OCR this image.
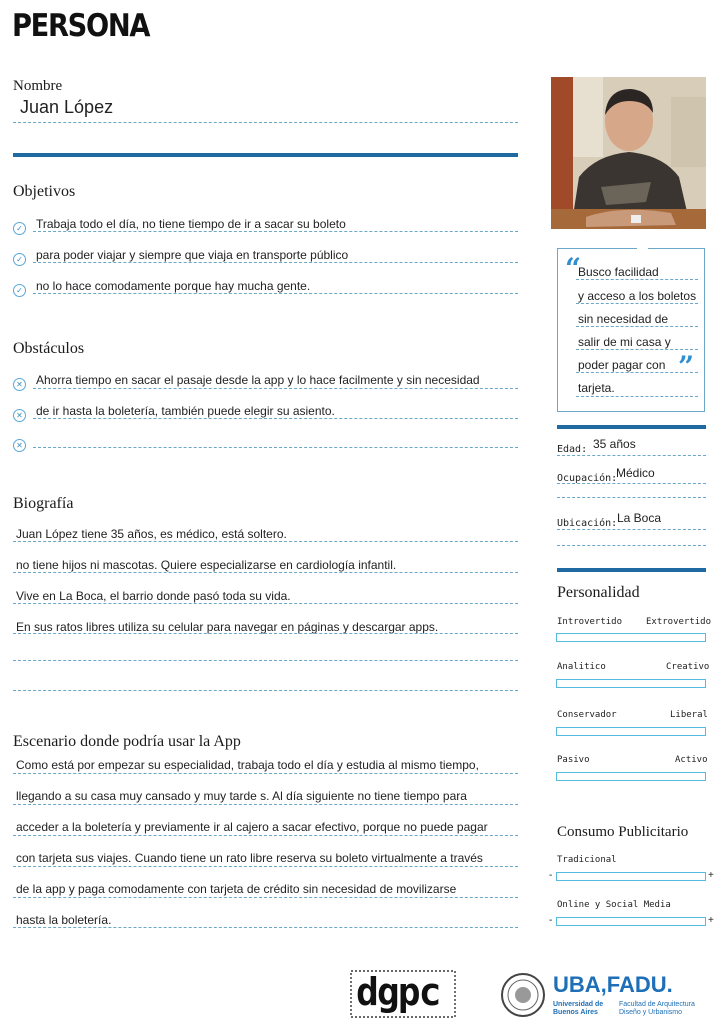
PERSONA
Nombre
Juan López
Objetivos
✓ Trabaja todo el día, no tiene tiempo de ir a sacar su boleto
✓ para poder viajar y siempre que viaja en transporte público
✓ no lo hace comodamente porque hay mucha gente.
Obstáculos
✕ Ahorra tiempo en sacar el pasaje desde la app y lo hace facilmente y sin necesidad
✕ de ir hasta la boletería, también puede elegir su asiento.
✕
Biografía
Juan López tiene 35 años, es médico, está soltero.
no tiene hijos ni mascotas. Quiere especializarse en cardiología infantil.
Vive en La Boca, el barrio donde pasó toda su vida.
En sus ratos libres utiliza su celular para navegar en páginas y descargar apps.
Escenario donde podría usar la App
Como está por empezar su especialidad, trabaja todo el día y estudia al mismo tiempo,
llegando a su casa muy cansado y muy tarde s. Al día siguiente no tiene tiempo para
acceder a la boletería y previamente ir al cajero a sacar efectivo, porque no puede pagar
con tarjeta sus viajes. Cuando tiene un rato libre reserva su boleto virtualmente a través
de la app y paga comodamente con tarjeta de crédito sin necesidad de movilizarse
hasta la boletería.
“
Busco facilidad
y acceso a los boletos
sin necesidad de
salir de mi casa y
poder pagar con
tarjeta.
”
Edad: 35 años
Ocupación:
Médico
Ubicación: La Boca
Personalidad
Introvertido	Extrovertido
Analitico	Creativo
Conservador	Liberal
Pasivo	Activo
Consumo Publicitario
Tradicional
-	+
Online y Social Media
-	+
dgpc	UBA,FADU.
Universidad de Buenos Aires
Facultad de Arquitectura Diseño y Urbanismo
